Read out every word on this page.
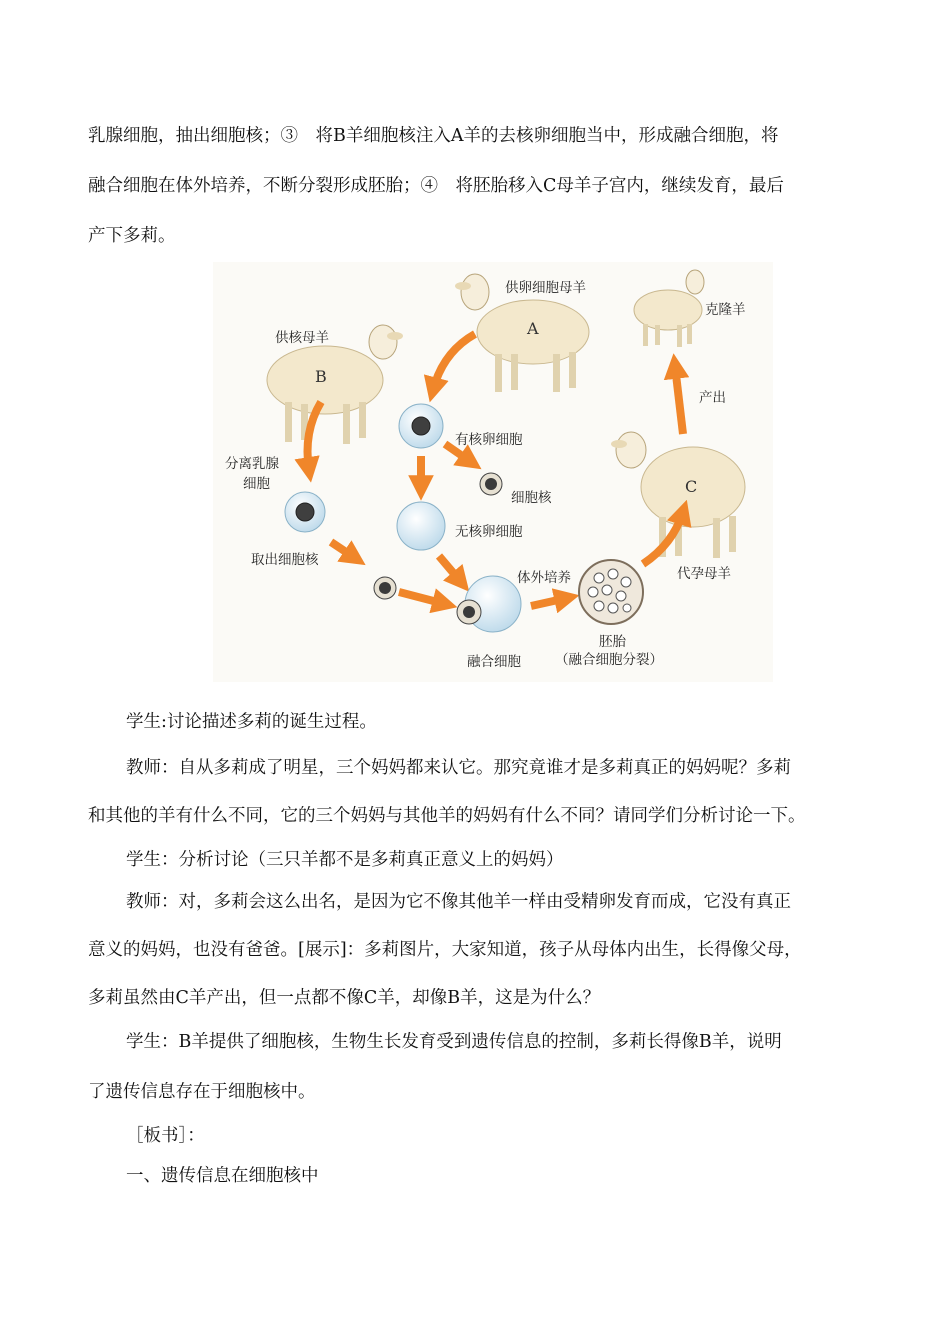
乳腺细胞，抽出细胞核；③　将B羊细胞核注入A羊的去核卵细胞当中，形成融合细胞，将
融合细胞在体外培养，不断分裂形成胚胎；④　将胚胎移入C母羊子宫内，继续发育，最后
产下多莉。
A
供卵细胞母羊
B
供核母羊
克隆羊
C
代孕母羊
有核卵细胞
细胞核
无核卵细胞
分离乳腺
细胞
取出细胞核
融合细胞
体外培养
胚胎
（融合细胞分裂）
产出
学生:讨论描述多莉的诞生过程。
教师：自从多莉成了明星，三个妈妈都来认它。那究竟谁才是多莉真正的妈妈呢？多莉
和其他的羊有什么不同，它的三个妈妈与其他羊的妈妈有什么不同？请同学们分析讨论一下。
学生：分析讨论（三只羊都不是多莉真正意义上的妈妈）
教师：对，多莉会这么出名，是因为它不像其他羊一样由受精卵发育而成，它没有真正
意义的妈妈，也没有爸爸。[展示]：多莉图片，大家知道，孩子从母体内出生，长得像父母，
多莉虽然由C羊产出，但一点都不像C羊，却像B羊，这是为什么？
学生：B羊提供了细胞核，生物生长发育受到遗传信息的控制，多莉长得像B羊，说明
了遗传信息存在于细胞核中。
［板书］：
一、遗传信息在细胞核中
